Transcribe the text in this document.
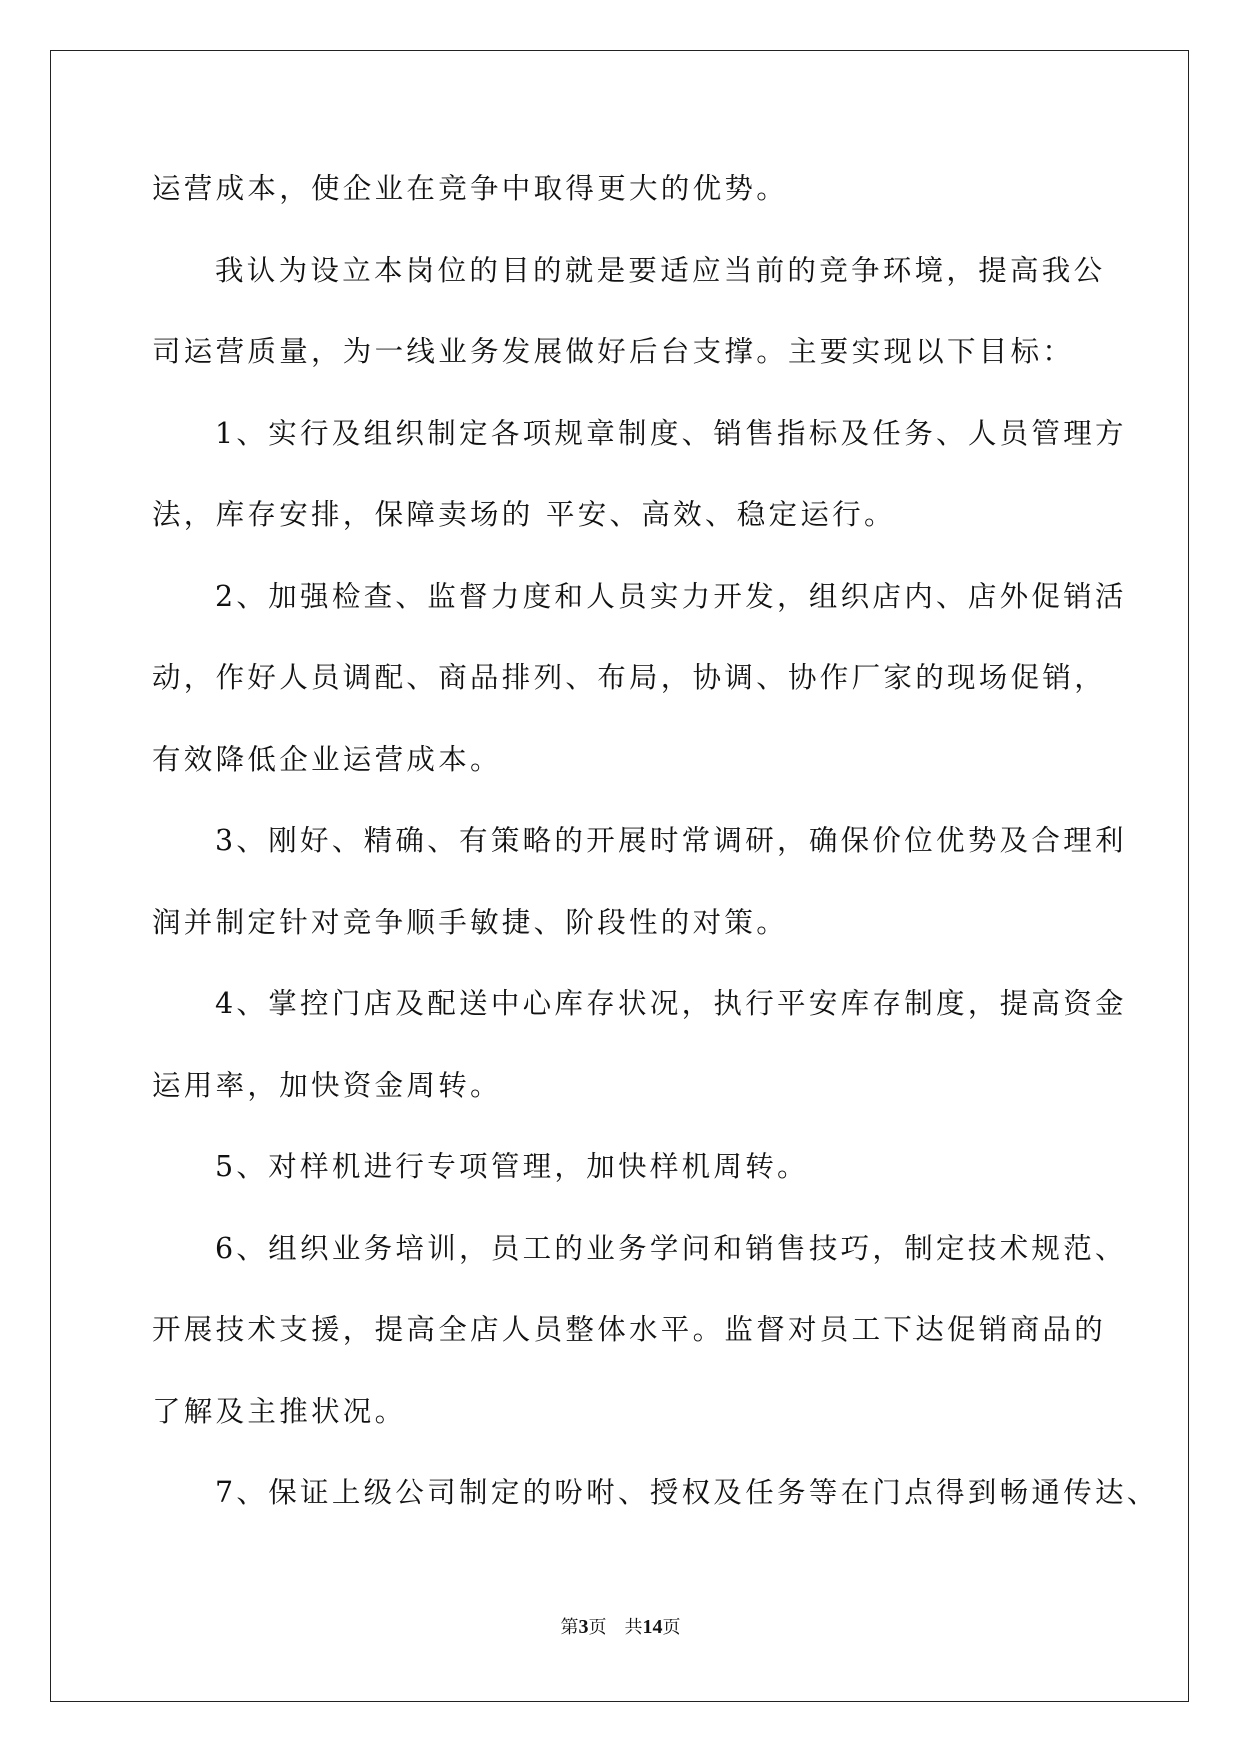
运营成本，使企业在竞争中取得更大的优势。
我认为设立本岗位的目的就是要适应当前的竞争环境，提高我公
司运营质量，为一线业务发展做好后台支撑。主要实现以下目标：
1、实行及组织制定各项规章制度、销售指标及任务、人员管理方
法，库存安排，保障卖场的 平安、高效、稳定运行。
2、加强检查、监督力度和人员实力开发，组织店内、店外促销活
动，作好人员调配、商品排列、布局，协调、协作厂家的现场促销，
有效降低企业运营成本。
3、刚好、精确、有策略的开展时常调研，确保价位优势及合理利
润并制定针对竞争顺手敏捷、阶段性的对策。
4、掌控门店及配送中心库存状况，执行平安库存制度，提高资金
运用率，加快资金周转。
5、对样机进行专项管理，加快样机周转。
6、组织业务培训，员工的业务学问和销售技巧，制定技术规范、
开展技术支援，提高全店人员整体水平。监督对员工下达促销商品的
了解及主推状况。
7、保证上级公司制定的吩咐、授权及任务等在门点得到畅通传达、
第3页 共14页
